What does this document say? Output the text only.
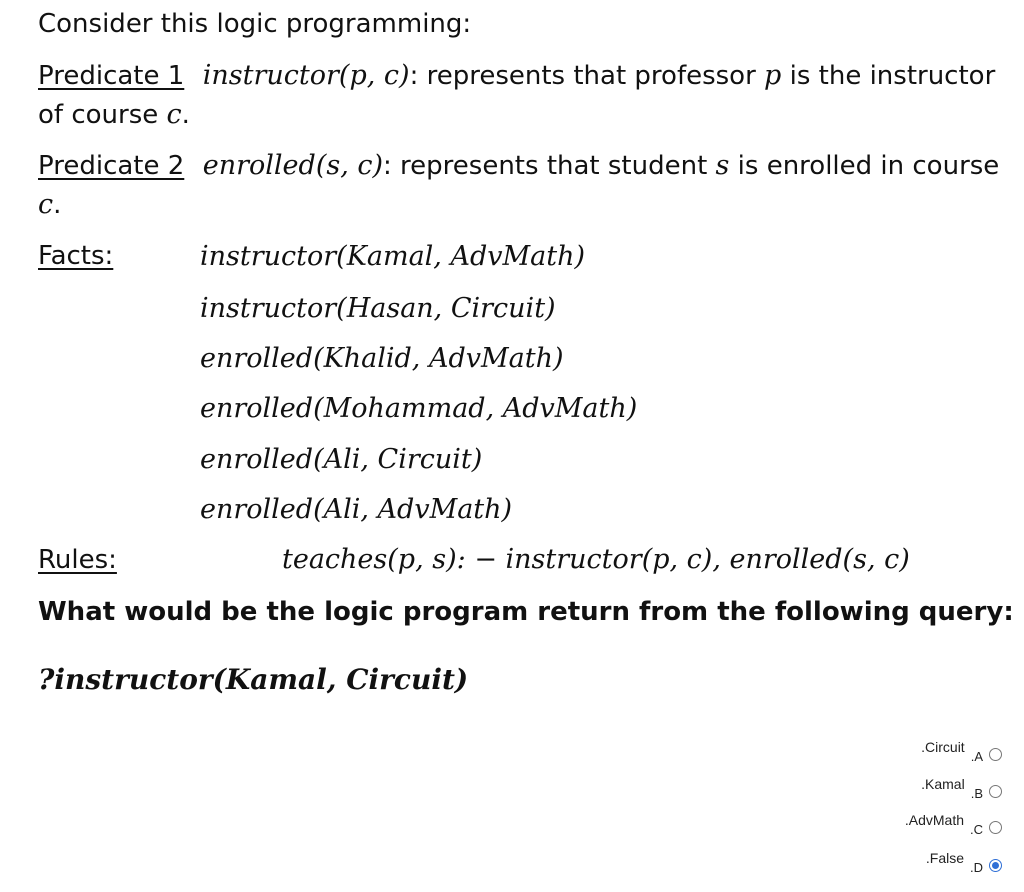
Consider this logic programming:
Predicate 1 instructor(p, c): represents that professor p is the instructor
of course c.
Predicate 2 enrolled(s, c): represents that student s is enrolled in course
c.
Facts:	instructor(Kamal, AdvMath)
instructor(Hasan, Circuit)
enrolled(Khalid, AdvMath)
enrolled(Mohammad, AdvMath)
enrolled(Ali, Circuit)
enrolled(Ali, AdvMath)
Rules:	teaches(p, s): − instructor(p, c), enrolled(s, c)
What would be the logic program return from the following query:
?instructor(Kamal, Circuit)
.Circuit
.A
.Kamal
.B
.AdvMath
.C
.False
.D
